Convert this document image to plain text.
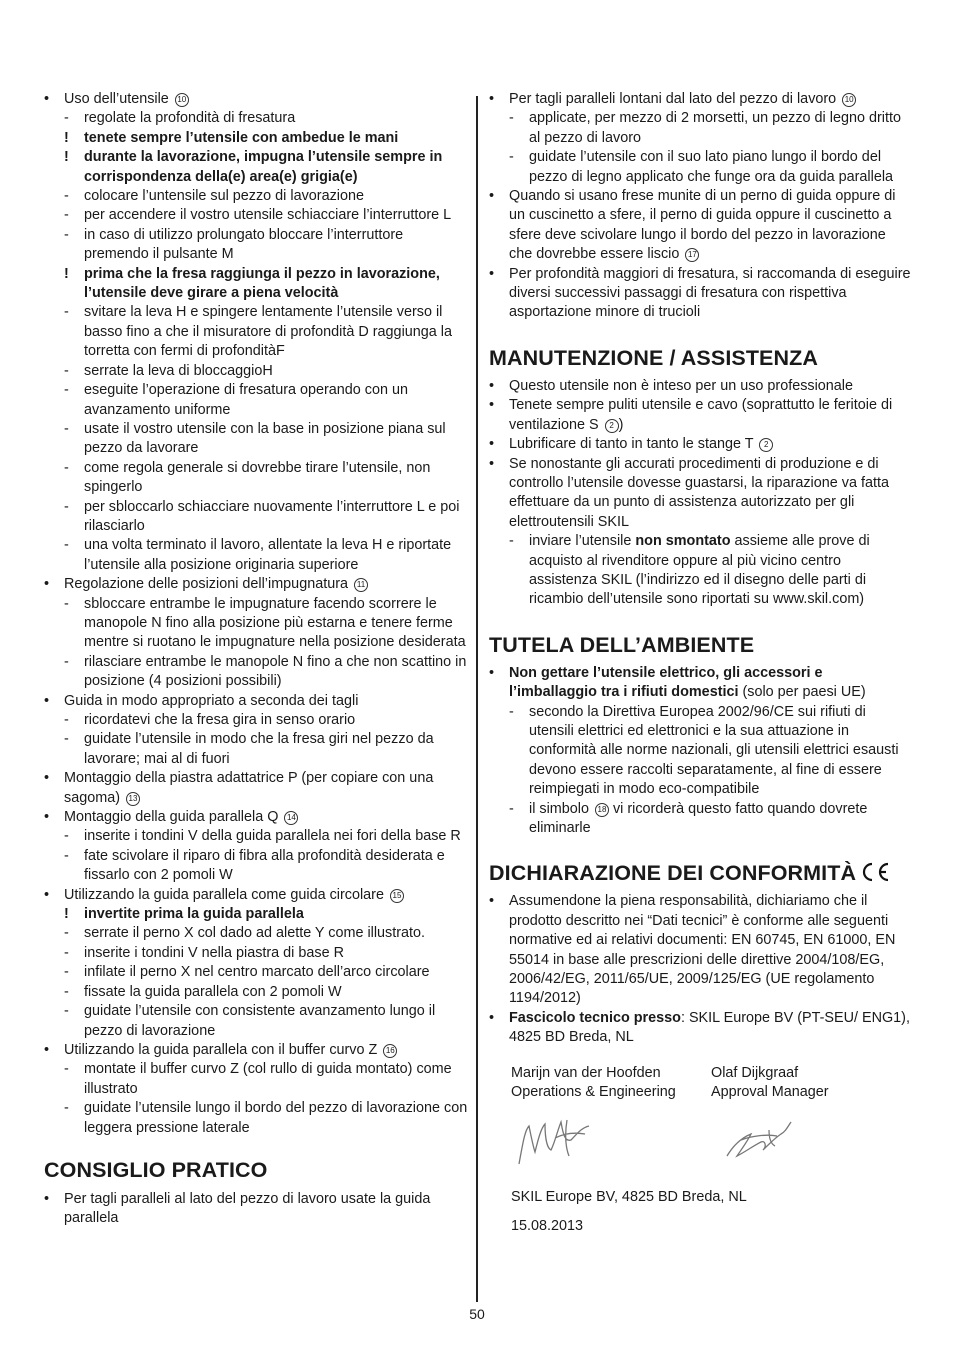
•	Uso dell’utensile 10
-	regolate la profondità di fresatura
!	tenete sempre l’utensile con ambedue le mani
!	durante la lavorazione, impugna l’utensile sempre in corrispondenza della(e) area(e) grigia(e)
-	colocare l’untensile sul pezzo di lavorazione
-	per accendere il vostro utensile schiacciare l’interruttore L
-	in caso di utilizzo prolungato bloccare l’interruttore premendo il pulsante M
!	prima che la fresa raggiunga il pezzo in lavorazione, l’utensile deve girare a piena velocità
-	svitare la leva H e spingere lentamente l’utensile verso il basso fino a che il misuratore di profondità D raggiunga la torretta con fermi di profonditàF
-	serrate la leva di bloccaggioH
-	eseguite l’operazione di fresatura operando con un avanzamento uniforme
-	usate il vostro utensile con la base in posizione piana sul pezzo da lavorare
-	come regola generale si dovrebbe tirare l’utensile, non spingerlo
-	per sbloccarlo schiacciare nuovamente l’interruttore L e poi rilasciarlo
-	una volta terminato il lavoro, allentate la leva H e riportate l’utensile alla posizione originaria superiore
•	Regolazione delle posizioni dell’impugnatura 11
-	sbloccare entrambe le impugnature facendo scorrere le manopole N fino alla posizione più estarna e tenere ferme mentre si ruotano le impugnature nella posizione desiderata
-	rilasciare entrambe le manopole N fino a che non scattino in posizione (4 posizioni possibili)
•	Guida in modo appropriato a seconda dei tagli
-	ricordatevi che la fresa gira in senso orario
-	guidate l’utensile in modo che la fresa giri nel pezzo da lavorare; mai al di fuori
•	Montaggio della piastra adattatrice P (per copiare con una sagoma) 13
•	Montaggio della guida parallela Q 14
-	inserite i tondini V della guida parallela nei fori della base R
-	fate scivolare il riparo di fibra alla profondità desiderata e fissarlo con 2 pomoli W
•	Utilizzando la guida parallela come guida circolare 15
!	invertite prima la guida parallela
-	serrate il perno X col dado ad alette Y come illustrato.
-	inserite i tondini V nella piastra di base R
-	infilate il perno X nel centro marcato dell’arco circolare
-	fissate la guida parallela con 2 pomoli W
-	guidate l’utensile con consistente avanzamento lungo il pezzo di lavorazione
•	Utilizzando la guida parallela con il buffer curvo Z 16
-	montate il buffer curvo Z (col rullo di guida montato) come illustrato
-	guidate l’utensile lungo il bordo del pezzo di lavorazione con leggera pressione laterale
CONSIGLIO PRATICO
•	Per tagli paralleli al lato del pezzo di lavoro usate la guida parallela
•	Per tagli paralleli lontani dal lato del pezzo di lavoro 10
-	applicate, per mezzo di 2 morsetti, un pezzo di legno dritto al pezzo di lavoro
-	guidate l’utensile con il suo lato piano lungo il bordo del pezzo di legno applicato che funge ora da guida parallela
•	Quando si usano frese munite di un perno di guida oppure di un cuscinetto a sfere, il perno di guida oppure il cuscinetto a sfere deve scivolare lungo il bordo del pezzo in lavorazione che dovrebbe essere liscio 17
•	Per profondità maggiori di fresatura, si raccomanda di eseguire diversi successivi passaggi di fresatura con rispettiva asportazione minore di trucioli
MANUTENZIONE / ASSISTENZA
•	Questo utensile non è inteso per un uso professionale
•	Tenete sempre puliti utensile e cavo (soprattutto le feritoie di ventilazione S 2 )
•	Lubrificare di tanto in tanto le stange T 2
•	Se nonostante gli accurati procedimenti di produzione e di controllo l’utensile dovesse guastarsi, la riparazione va fatta effettuare da un punto di assistenza autorizzato per gli elettroutensili SKIL
-	inviare l’utensile non smontato assieme alle prove di acquisto al rivenditore oppure al più vicino centro assistenza SKIL (l’indirizzo ed il disegno delle parti di ricambio dell’utensile sono riportati su www.skil.com)
TUTELA DELL’AMBIENTE
•	Non gettare l’utensile elettrico, gli accessori e l’imballaggio tra i rifiuti domestici (solo per paesi UE)
-	secondo la Direttiva Europea 2002/96/CE sui rifiuti di utensili elettrici ed elettronici e la sua attuazione in conformità alle norme nazionali, gli utensili elettrici esausti devono essere raccolti separatamente, al fine di essere reimpiegati in modo eco-compatibile
-	il simbolo 18 vi ricorderà questo fatto quando dovrete eliminarle
DICHIARAZIONE DEI CONFORMITÀ
•	Assumendone la piena responsabilità, dichiariamo che il prodotto descritto nei “Dati tecnici” è conforme alle seguenti normative ed ai relativi documenti: EN 60745, EN 61000, EN 55014 in base alle prescrizioni delle direttive 2004/108/EG, 2006/42/EG, 2011/65/UE, 2009/125/EG (UE regolamento 1194/2012)
•	Fascicolo tecnico presso: SKIL Europe BV (PT-SEU/ ENG1), 4825 BD Breda, NL
Marijn van der Hoofden
Operations & Engineering
Olaf Dijkgraaf
Approval Manager
SKIL Europe BV, 4825 BD Breda, NL
15.08.2013
50
